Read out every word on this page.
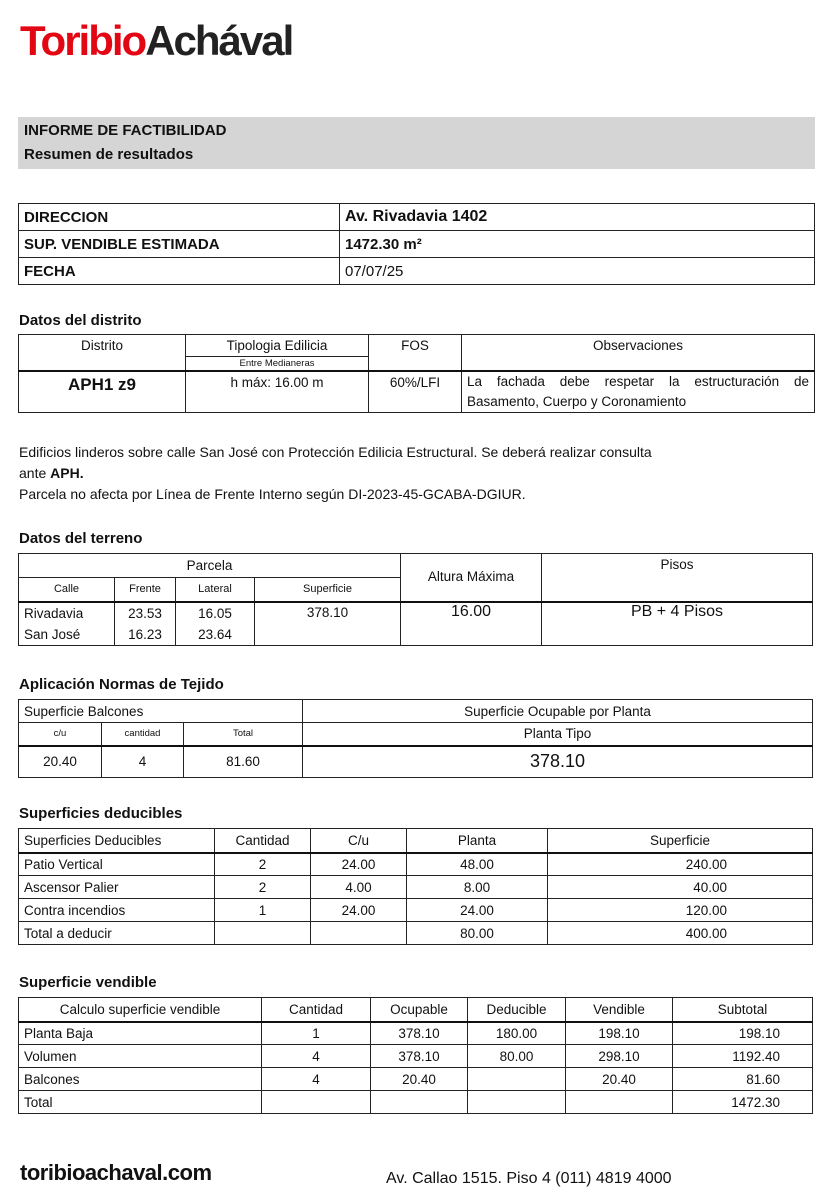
ToribioAchával
INFORME DE FACTIBILIDAD
Resumen de resultados
DIRECCION	Av. Rivadavia 1402
SUP. VENDIBLE ESTIMADA	1472.30 m²
FECHA	07/07/25
Datos del distrito
Distrito	Tipologia Edilicia	FOS	Observaciones
	Entre Medianeras		
APH1 z9	h máx: 16.00 m	60%/LFI	La fachada debe respetar la estructuración de Basamento, Cuerpo y Coronamiento
Edificios linderos sobre calle San José con Protección Edilicia Estructural. Se deberá realizar consulta
ante APH.
Parcela no afecta por Línea de Frente Interno según DI-2023-45-GCABA-DGIUR.
Datos del terreno
Parcela				Altura Máxima	Pisos
Calle	Frente	Lateral	Superficie		
Rivadavia	23.53	16.05	378.10	16.00	PB + 4 Pisos
San José	16.23	23.64			
Aplicación Normas de Tejido
Superficie Balcones			Superficie Ocupable por Planta
c/u	cantidad	Total	Planta Tipo
20.40	4	81.60	378.10
Superficies deducibles
Superficies Deducibles	Cantidad	C/u	Planta	Superficie
Patio Vertical	2	24.00	48.00	240.00
Ascensor Palier	2	4.00	8.00	40.00
Contra incendios	1	24.00	24.00	120.00
Total a deducir			80.00	400.00
Superficie vendible
Calculo superficie vendible	Cantidad	Ocupable	Deducible	Vendible	Subtotal
Planta Baja	1	378.10	180.00	198.10	198.10
Volumen	4	378.10	80.00	298.10	1192.40
Balcones	4	20.40		20.40	81.60
Total					1472.30
toribioachaval.com	Av. Callao 1515. Piso 4 (011) 4819 4000
